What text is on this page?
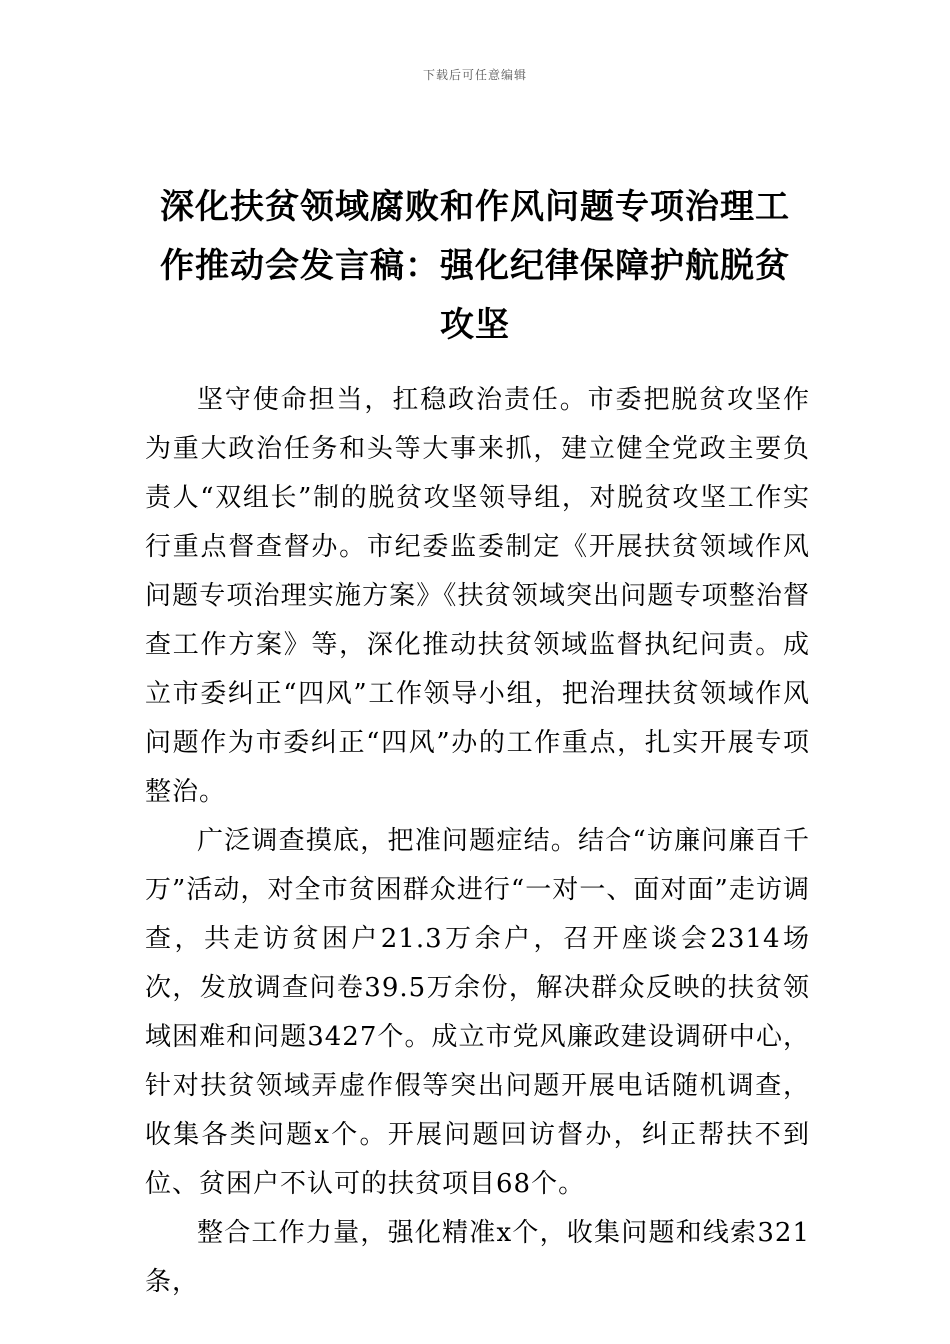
下载后可任意编辑
深化扶贫领域腐败和作风问题专项治理工作推动会发言稿：强化纪律保障护航脱贫攻坚

坚守使命担当，扛稳政治责任。市委把脱贫攻坚作为重大政治任务和头等大事来抓，建立健全党政主要负责人“双组长”制的脱贫攻坚领导组，对脱贫攻坚工作实行重点督查督办。市纪委监委制定《开展扶贫领域作风问题专项治理实施方案》《扶贫领域突出问题专项整治督查工作方案》等，深化推动扶贫领域监督执纪问责。成立市委纠正“四风”工作领导小组，把治理扶贫领域作风问题作为市委纠正“四风”办的工作重点，扎实开展专项整治。

广泛调查摸底，把准问题症结。结合“访廉问廉百千万”活动，对全市贫困群众进行“一对一、面对面”走访调查，共走访贫困户21.3万余户，召开座谈会2314场次，发放调查问卷39.5万余份，解决群众反映的扶贫领域困难和问题3427个。成立市党风廉政建设调研中心，针对扶贫领域弄虚作假等突出问题开展电话随机调查，收集各类问题x个。开展问题回访督办，纠正帮扶不到位、贫困户不认可的扶贫项目68个。

整合工作力量，强化精准x个，收集问题和线索321条，
